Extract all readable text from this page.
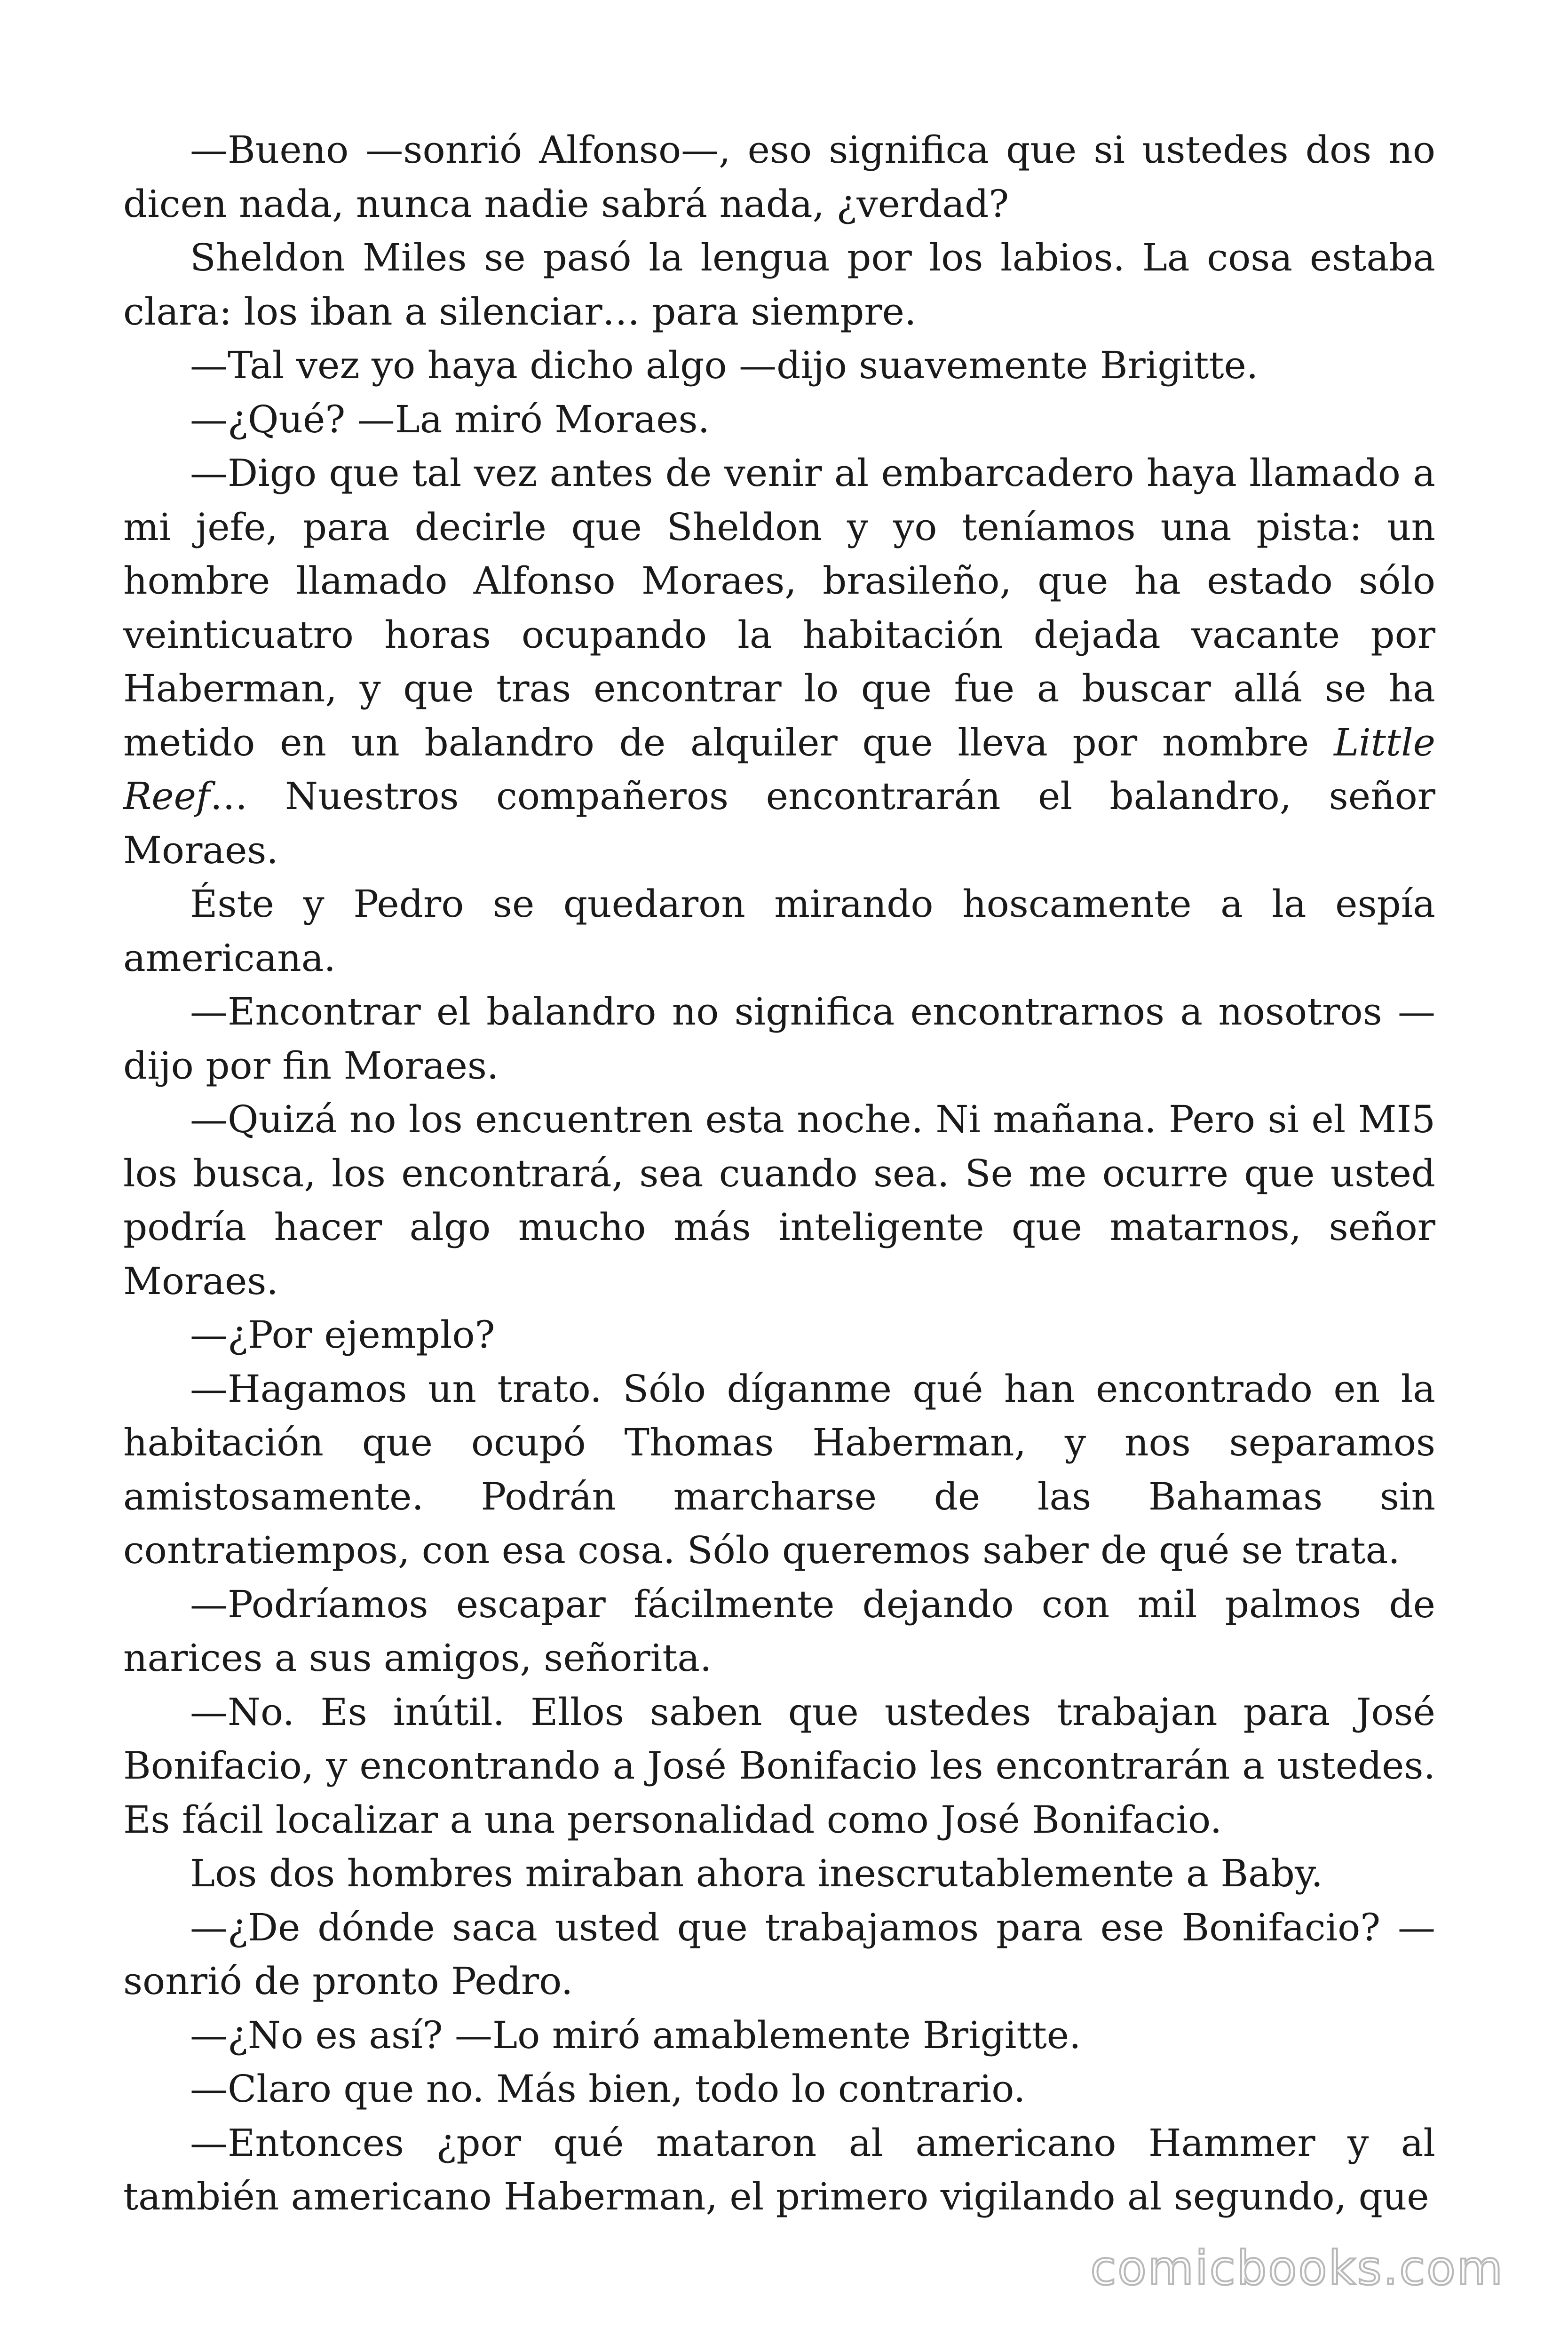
—Bueno —sonrió Alfonso—, eso significa que si ustedes dos no dicen nada, nunca nadie sabrá nada, ¿verdad?

Sheldon Miles se pasó la lengua por los labios. La cosa estaba clara: los iban a silenciar… para siempre.

—Tal vez yo haya dicho algo —dijo suavemente Brigitte.

—¿Qué? —La miró Moraes.

—Digo que tal vez antes de venir al embarcadero haya llamado a mi jefe, para decirle que Sheldon y yo teníamos una pista: un hombre llamado Alfonso Moraes, brasileño, que ha estado sólo veinticuatro horas ocupando la habitación dejada vacante por Haberman, y que tras encontrar lo que fue a buscar allá se ha metido en un balandro de alquiler que lleva por nombre Little Reef… Nuestros compañeros encontrarán el balandro, señor Moraes.

Éste y Pedro se quedaron mirando hoscamente a la espía americana.

—Encontrar el balandro no significa encontrarnos a nosotros —dijo por fin Moraes.

—Quizá no los encuentren esta noche. Ni mañana. Pero si el MI5 los busca, los encontrará, sea cuando sea. Se me ocurre que usted podría hacer algo mucho más inteligente que matarnos, señor Moraes.

—¿Por ejemplo?

—Hagamos un trato. Sólo díganme qué han encontrado en la habitación que ocupó Thomas Haberman, y nos separamos amistosamente. Podrán marcharse de las Bahamas sin contratiempos, con esa cosa. Sólo queremos saber de qué se trata.

—Podríamos escapar fácilmente dejando con mil palmos de narices a sus amigos, señorita.

—No. Es inútil. Ellos saben que ustedes trabajan para José Bonifacio, y encontrando a José Bonifacio les encontrarán a ustedes. Es fácil localizar a una personalidad como José Bonifacio.

Los dos hombres miraban ahora inescrutablemente a Baby.

—¿De dónde saca usted que trabajamos para ese Bonifacio? —sonrió de pronto Pedro.

—¿No es así? —Lo miró amablemente Brigitte.

—Claro que no. Más bien, todo lo contrario.

—Entonces ¿por qué mataron al americano Hammer y al también americano Haberman, el primero vigilando al segundo, que

comicbooks.com
